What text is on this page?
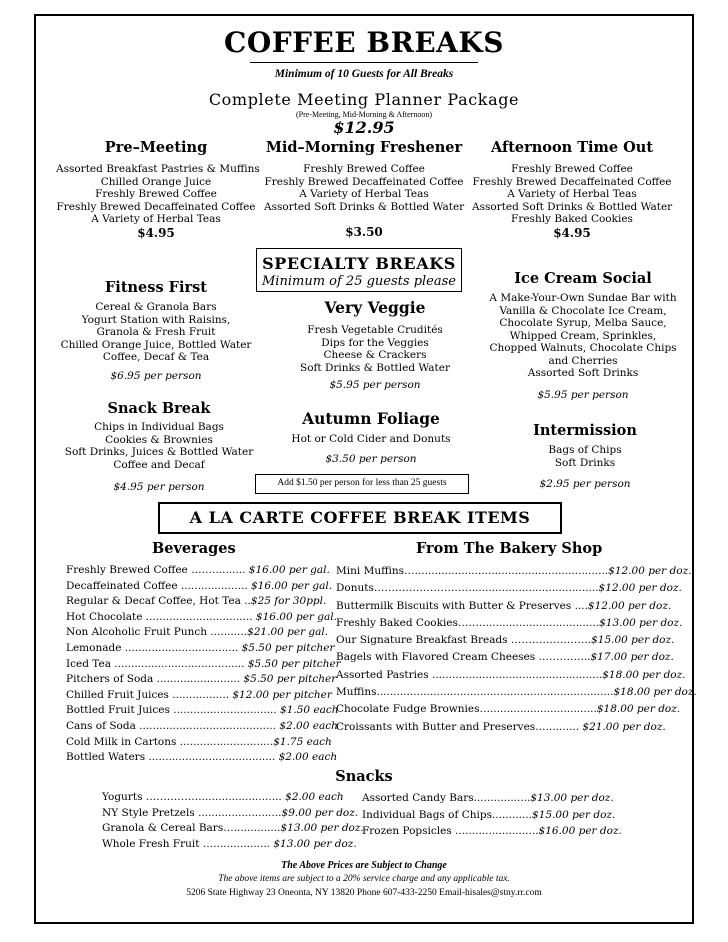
COFFEE BREAKS
Minimum of 10 Guests for All Breaks
Complete Meeting Planner Package
(Pre-Meeting, Mid-Morning & Afternoon)
$12.95
Pre–Meeting
Assorted Breakfast Pastries & Muffins
Chilled Orange Juice
Freshly Brewed Coffee
Freshly Brewed Decaffeinated Coffee
A Variety of Herbal Teas
$4.95
Mid–Morning Freshener
Freshly Brewed Coffee
Freshly Brewed Decaffeinated Coffee
A Variety of Herbal Teas
Assorted Soft Drinks & Bottled Water
$3.50
Afternoon Time Out
Freshly Brewed Coffee
Freshly Brewed Decaffeinated Coffee
A Variety of Herbal Teas
Assorted Soft Drinks & Bottled Water
Freshly Baked Cookies
$4.95
SPECIALTY BREAKS
Minimum of 25 guests please
Fitness First
Cereal & Granola Bars
Yogurt Station with Raisins,
Granola & Fresh Fruit
Chilled Orange Juice, Bottled Water
Coffee, Decaf & Tea
$6.95 per person
Snack Break
Chips in Individual Bags
Cookies & Brownies
Soft Drinks, Juices & Bottled Water
Coffee and Decaf
$4.95 per person
Very Veggie
Fresh Vegetable Crudités
Dips for the Veggies
Cheese & Crackers
Soft Drinks & Bottled Water
$5.95 per person
Autumn Foliage
Hot or Cold Cider and Donuts
$3.50 per person
Add $1.50 per person for less than 25 guests
Ice Cream Social
A Make-Your-Own Sundae Bar with
Vanilla & Chocolate Ice Cream,
Chocolate Syrup, Melba Sauce,
Whipped Cream, Sprinkles,
Chopped Walnuts, Chocolate Chips
and Cherries
Assorted Soft Drinks
$5.95 per person
Intermission
Bags of Chips
Soft Drinks
$2.95 per person
A LA CARTE COFFEE BREAK ITEMS
Beverages	From The Bakery Shop
Freshly Brewed Coffee …….......... $16.00 per gal.
Decaffeinated Coffee .................... $16.00 per gal.
Regular & Decaf Coffee, Hot Tea ..$25 for 30ppl.
Hot Chocolate ................................ $16.00 per gal.
Non Alcoholic Fruit Punch ...........$21.00 per gal.
Lemonade .................................. $5.50 per pitcher
Iced Tea ....................................... $5.50 per pitcher
Pitchers of Soda ......................... $5.50 per pitcher
Chilled Fruit Juices ................. $12.00 per pitcher
Bottled Fruit Juices ............................... $1.50 each
Cans of Soda ......................................... $2.00 each
Cold Milk in Cartons ............................$1.75 each
Bottled Waters ...................................... $2.00 each
Mini Muffins…..........................................................$12.00 per doz.
Donuts……………………….......................................$12.00 per doz.
Buttermilk Biscuits with Butter & Preserves ....$12.00 per doz.
Freshly Baked Cookies……....................................$13.00 per doz.
Our Signature Breakfast Breads …………………..$15.00 per doz.
Bagels with Flavored Cream Cheeses …………...$17.00 per doz.
Assorted Pastries ...................................................$18.00 per doz.
Muffins.......................................................................$18.00 per doz.
Chocolate Fudge Brownies…................................$18.00 per doz.
Croissants with Butter and Preserves….......... $21.00 per doz.
Snacks
Yogurts ……………......................... $2.00 each
NY Style Pretzels .........................$9.00 per doz.
Granola & Cereal Bars…..............$13.00 per doz.
Whole Fresh Fruit …................. $13.00 per doz.
Assorted Candy Bars.................$13.00 per doz.
Individual Bags of Chips............$15.00 per doz.
Frozen Popsicles .........................$16.00 per doz.
The Above Prices are Subject to Change
The above items are subject to a 20% service charge and any applicable tax.
5206 State Highway 23 Oneonta, NY 13820 Phone 607-433-2250 Email-hisales@stny.rr.com
